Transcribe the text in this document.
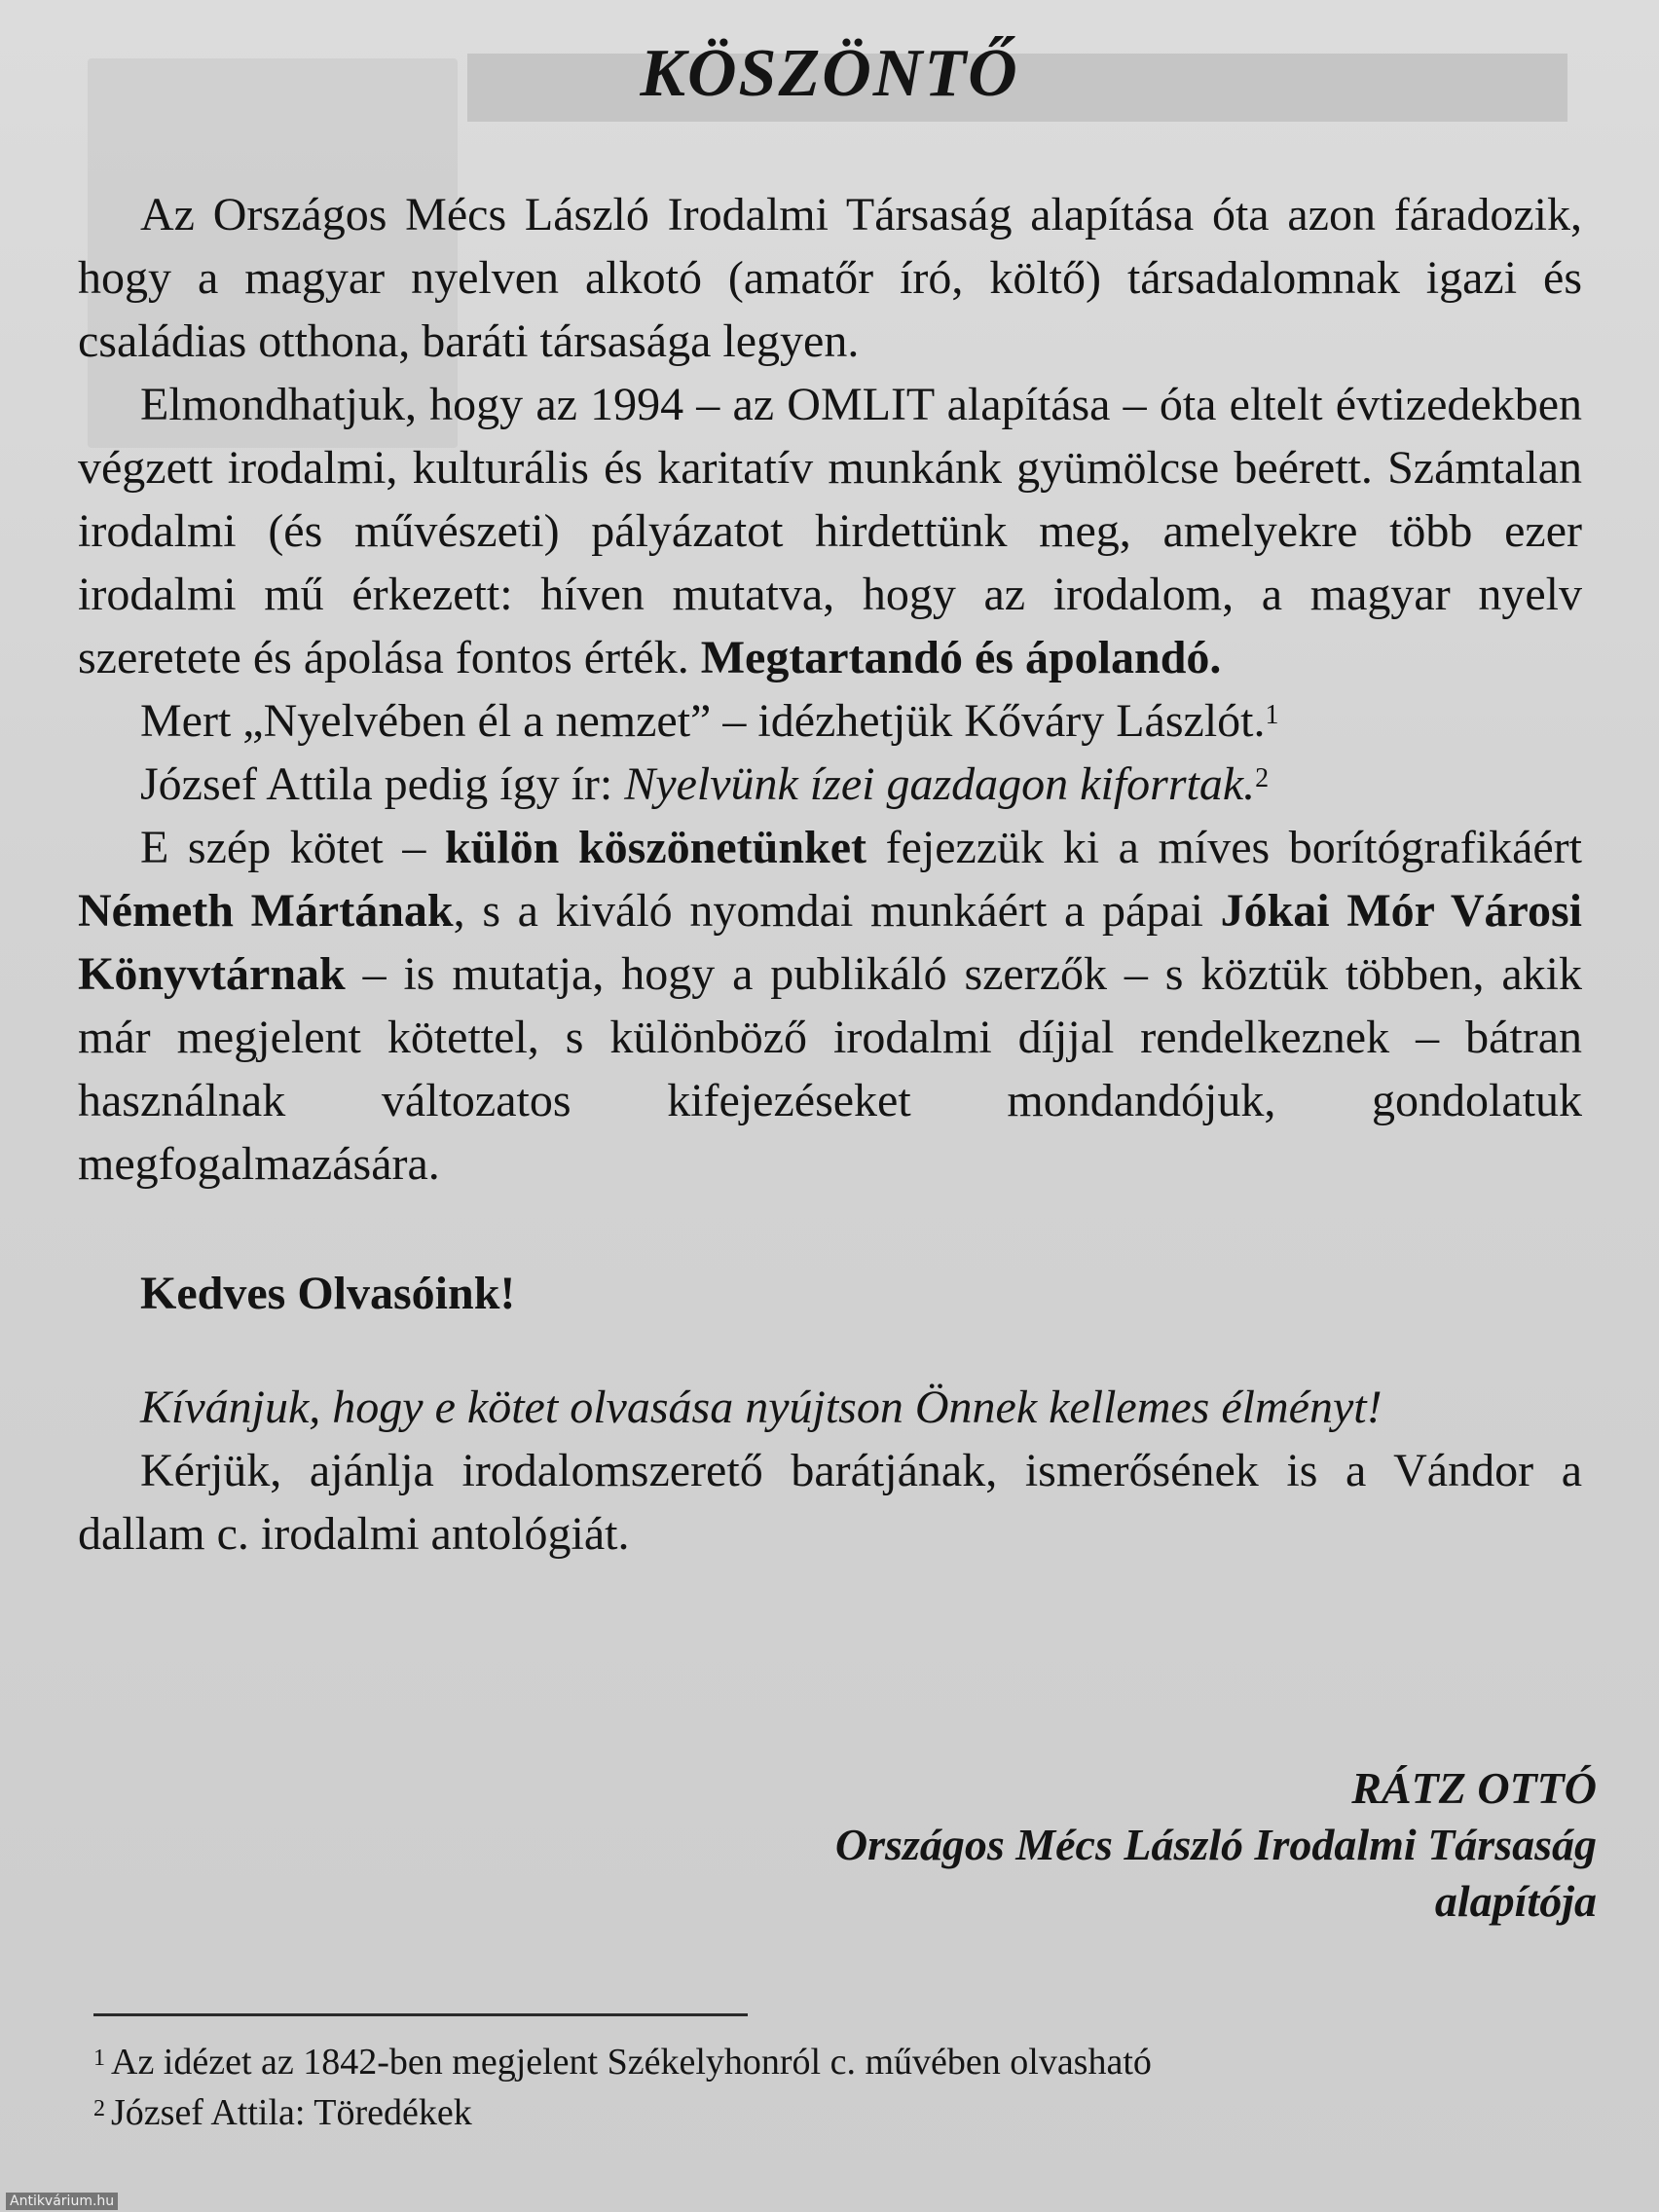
KÖSZÖNTŐ

Az Országos Mécs László Irodalmi Társaság alapítása óta azon fáradozik, hogy a magyar nyelven alkotó (amatőr író, költő) társadalomnak igazi és családias otthona, baráti társasága legyen.

Elmondhatjuk, hogy az 1994 – az OMLIT alapítása – óta eltelt évtizedekben végzett irodalmi, kulturális és karitatív munkánk gyümölcse beérett. Számtalan irodalmi (és művészeti) pályázatot hirdettünk meg, amelyekre több ezer irodalmi mű érkezett: híven mutatva, hogy az irodalom, a magyar nyelv szeretete és ápolása fontos érték. Megtartandó és ápolandó.

Mert „Nyelvében él a nemzet” – idézhetjük Kőváry Lászlót.$^1$

József Attila pedig így ír: Nyelvünk ízei gazdagon kiforrtak.$^2$

E szép kötet – külön köszönetünket fejezzük ki a míves borítógrafikáért Németh Mártának, s a kiváló nyomdai munkáért a pápai Jókai Mór Városi Könyvtárnak – is mutatja, hogy a publikáló szerzők – s köztük többen, akik már megjelent kötettel, s különböző irodalmi díjjal rendelkeznek – bátran használnak változatos kifejezéseket mondandójuk, gondolatuk megfogalmazására.

Kedves Olvasóink!

Kívánjuk, hogy e kötet olvasása nyújtson Önnek kellemes élményt!

Kérjük, ajánlja irodalomszerető barátjának, ismerősének is a Vándor a dallam c. irodalmi antológiát.

RÁTZ OTTÓ
Országos Mécs László Irodalmi Társaság
alapítója
$^1$ Az idézet az 1842-ben megjelent Székelyhonról c. művében olvasható
$^2$ József Attila: Töredékek
Antikvárium.hu
